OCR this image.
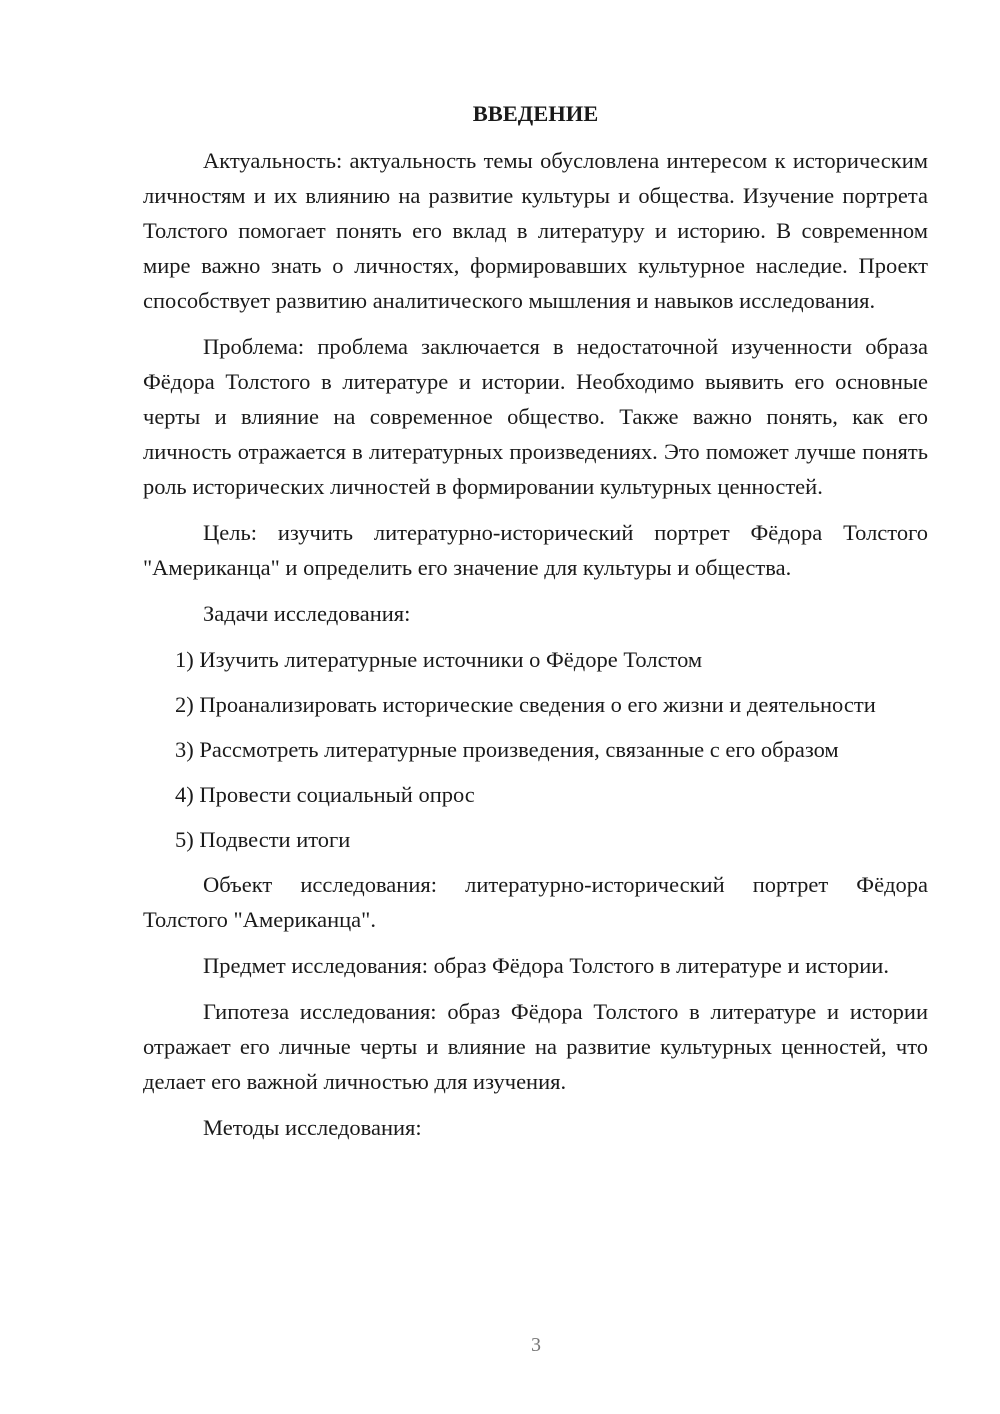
ВВЕДЕНИЕ

Актуальность: актуальность темы обусловлена интересом к историческим личностям и их влиянию на развитие культуры и общества. Изучение портрета Толстого помогает понять его вклад в литературу и историю. В современном мире важно знать о личностях, формировавших культурное наследие. Проект способствует развитию аналитического мышления и навыков исследования.

Проблема: проблема заключается в недостаточной изученности образа Фёдора Толстого в литературе и истории. Необходимо выявить его основные черты и влияние на современное общество. Также важно понять, как его личность отражается в литературных произведениях. Это поможет лучше понять роль исторических личностей в формировании культурных ценностей.

Цель: изучить литературно-исторический портрет Фёдора Толстого "Американца" и определить его значение для культуры и общества.

Задачи исследования:

1) Изучить литературные источники о Фёдоре Толстом

2) Проанализировать исторические сведения о его жизни и деятельности

3) Рассмотреть литературные произведения, связанные с его образом

4) Провести социальный опрос

5) Подвести итоги

Объект исследования: литературно-исторический портрет Фёдора Толстого "Американца".

Предмет исследования: образ Фёдора Толстого в литературе и истории.

Гипотеза исследования: образ Фёдора Толстого в литературе и истории отражает его личные черты и влияние на развитие культурных ценностей, что делает его важной личностью для изучения.

Методы исследования:

3
